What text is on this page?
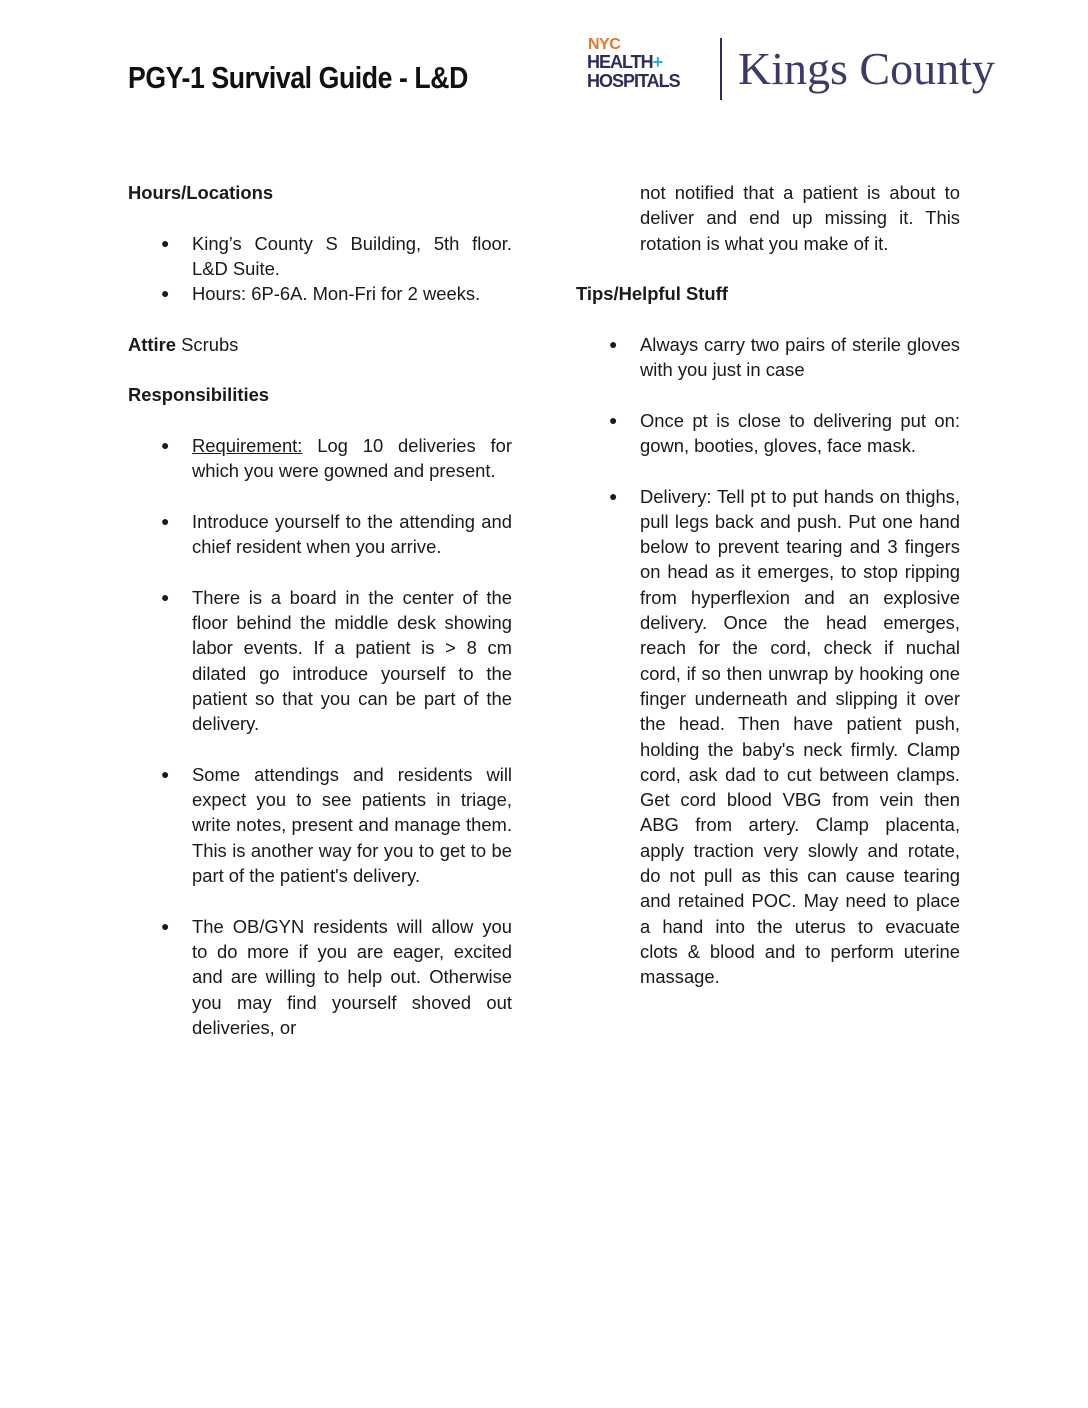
PGY-1 Survival Guide - L&D
NYC
HEALTH+
HOSPITALS Kings County

Hours/Locations

● King’s County S Building, 5th floor. L&D Suite.
● Hours: 6P-6A. Mon-Fri for 2 weeks.

Attire Scrubs

Responsibilities

● Requirement: Log 10 deliveries for which you were gowned and present.
● Introduce yourself to the attending and chief resident when you arrive.
● There is a board in the center of the floor behind the middle desk showing labor events. If a patient is > 8 cm dilated go introduce yourself to the patient so that you can be part of the delivery.
● Some attendings and residents will expect you to see patients in triage, write notes, present and manage them. This is another way for you to get to be part of the patient's delivery.
● The OB/GYN residents will allow you to do more if you are eager, excited and are willing to help out. Otherwise you may find yourself shoved out deliveries, or

not notified that a patient is about to deliver and end up missing it. This rotation is what you make of it.

Tips/Helpful Stuff

● Always carry two pairs of sterile gloves with you just in case
● Once pt is close to delivering put on: gown, booties, gloves, face mask.
● Delivery: Tell pt to put hands on thighs, pull legs back and push. Put one hand below to prevent tearing and 3 fingers on head as it emerges, to stop ripping from hyperflexion and an explosive delivery. Once the head emerges, reach for the cord, check if nuchal cord, if so then unwrap by hooking one finger underneath and slipping it over the head. Then have patient push, holding the baby's neck firmly. Clamp cord, ask dad to cut between clamps. Get cord blood VBG from vein then ABG from artery. Clamp placenta, apply traction very slowly and rotate, do not pull as this can cause tearing and retained POC. May need to place a hand into the uterus to evacuate clots & blood and to perform uterine massage.
